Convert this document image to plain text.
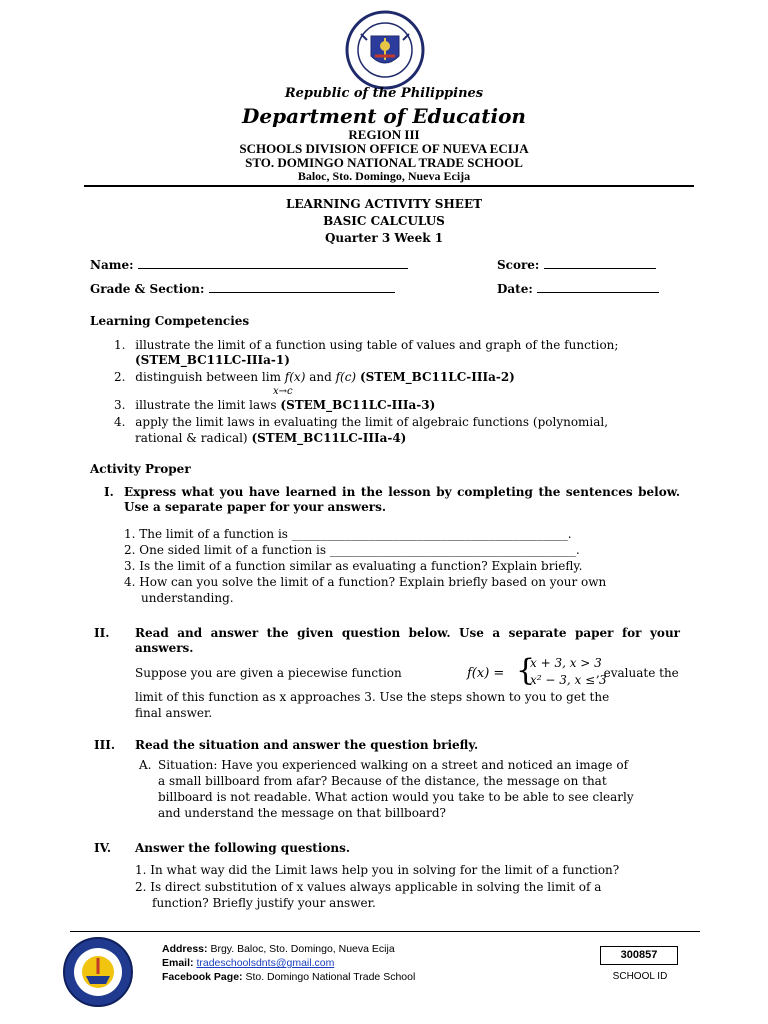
Republic of the Philippines
Department of Education
REGION III
SCHOOLS DIVISION OFFICE OF NUEVA ECIJA
STO. DOMINGO NATIONAL TRADE SCHOOL
Baloc, Sto. Domingo, Nueva Ecija
LEARNING ACTIVITY SHEET
BASIC CALCULUS
Quarter 3 Week 1
Name:	Score:
Grade & Section:	Date:
Learning Competencies
1. illustrate the limit of a function using table of values and graph of the function;
(STEM_BC11LC-IIIa-1)
2. distinguish between lim f(x) and f(c) (STEM_BC11LC-IIIa-2)
x→c
3. illustrate the limit laws (STEM_BC11LC-IIIa-3)
4. apply the limit laws in evaluating the limit of algebraic functions (polynomial,
rational & radical) (STEM_BC11LC-IIIa-4)
Activity Proper
I. Express what you have learned in the lesson by completing the sentences below. Use a separate paper for your answers.
1. The limit of a function is ______________________________________________.
2. One sided limit of a function is _________________________________________.
3. Is the limit of a function similar as evaluating a function? Explain briefly.
4. How can you solve the limit of a function? Explain briefly based on your own
understanding.
II. Read and answer the given question below. Use a separate paper for your answers.
Suppose you are given a piecewise function	f(x) = {
x + 3, x > 3
x² − 3, x ≤ 3
, evaluate the
limit of this function as x approaches 3. Use the steps shown to you to get the
final answer.
III. Read the situation and answer the question briefly.
A. Situation: Have you experienced walking on a street and noticed an image of
a small billboard from afar? Because of the distance, the message on that
billboard is not readable. What action would you take to be able to see clearly
and understand the message on that billboard?
IV. Answer the following questions.
1. In what way did the Limit laws help you in solving for the limit of a function?
2. Is direct substitution of x values always applicable in solving the limit of a
function? Briefly justify your answer.
Address: Brgy. Baloc, Sto. Domingo, Nueva Ecija
Email: tradeschoolsdnts@gmail.com
Facebook Page: Sto. Domingo National Trade School
300857
SCHOOL ID
